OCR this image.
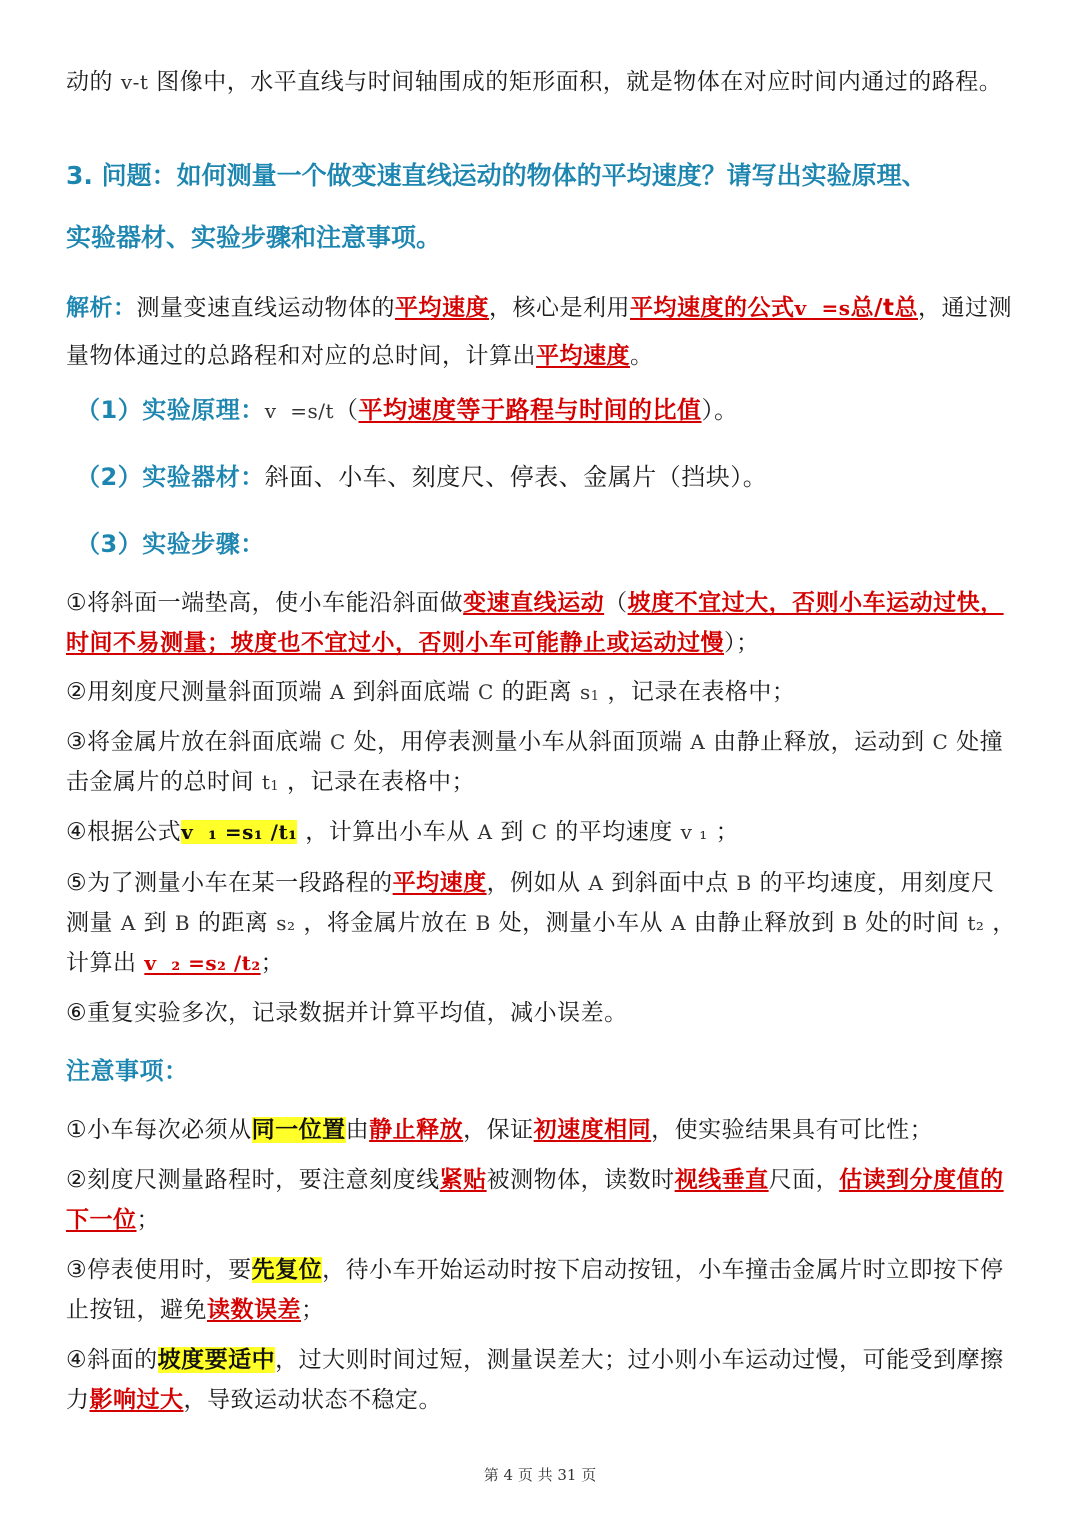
动的 v-t 图像中，水平直线与时间轴围成的矩形面积，就是物体在对应时间内通过的路程。

3. 问题：如何测量一个做变速直线运动的物体的平均速度？请写出实验原理、
实验器材、实验步骤和注意事项。

解析：测量变速直线运动物体的平均速度，核心是利用平均速度的公式v  =s总/t总，通过测量物体通过的总路程和对应的总时间，计算出平均速度。

（1）实验原理：v  =s/t（平均速度等于路程与时间的比值）。

（2）实验器材：斜面、小车、刻度尺、停表、金属片（挡块）。

（3）实验步骤：

①将斜面一端垫高，使小车能沿斜面做变速直线运动（坡度不宜过大，否则小车运动过快，时间不易测量；坡度也不宜过小，否则小车可能静止或运动过慢）；

②用刻度尺测量斜面顶端 A 到斜面底端 C 的距离 s1 ，记录在表格中；

③将金属片放在斜面底端 C 处，用停表测量小车从斜面顶端 A 由静止释放，运动到 C 处撞击金属片的总时间 t1 ，记录在表格中；

④根据公式v  ₁ =s₁ /t₁ ，计算出小车从 A 到 C 的平均速度 v ₁ ；

⑤为了测量小车在某一段路程的平均速度，例如从 A 到斜面中点 B 的平均速度，用刻度尺测量 A 到 B 的距离 s₂ ，将金属片放在 B 处，测量小车从 A 由静止释放到 B 处的时间 t₂ ，计算出 v  ₂ =s₂ /t₂；

⑥重复实验多次，记录数据并计算平均值，减小误差。

注意事项：

①小车每次必须从同一位置由静止释放，保证初速度相同，使实验结果具有可比性；

②刻度尺测量路程时，要注意刻度线紧贴被测物体，读数时视线垂直尺面，估读到分度值的下一位；

③停表使用时，要先复位，待小车开始运动时按下启动按钮，小车撞击金属片时立即按下停止按钮，避免读数误差；

④斜面的坡度要适中，过大则时间过短，测量误差大；过小则小车运动过慢，可能受到摩擦力影响过大，导致运动状态不稳定。

第 4 页 共 31 页
